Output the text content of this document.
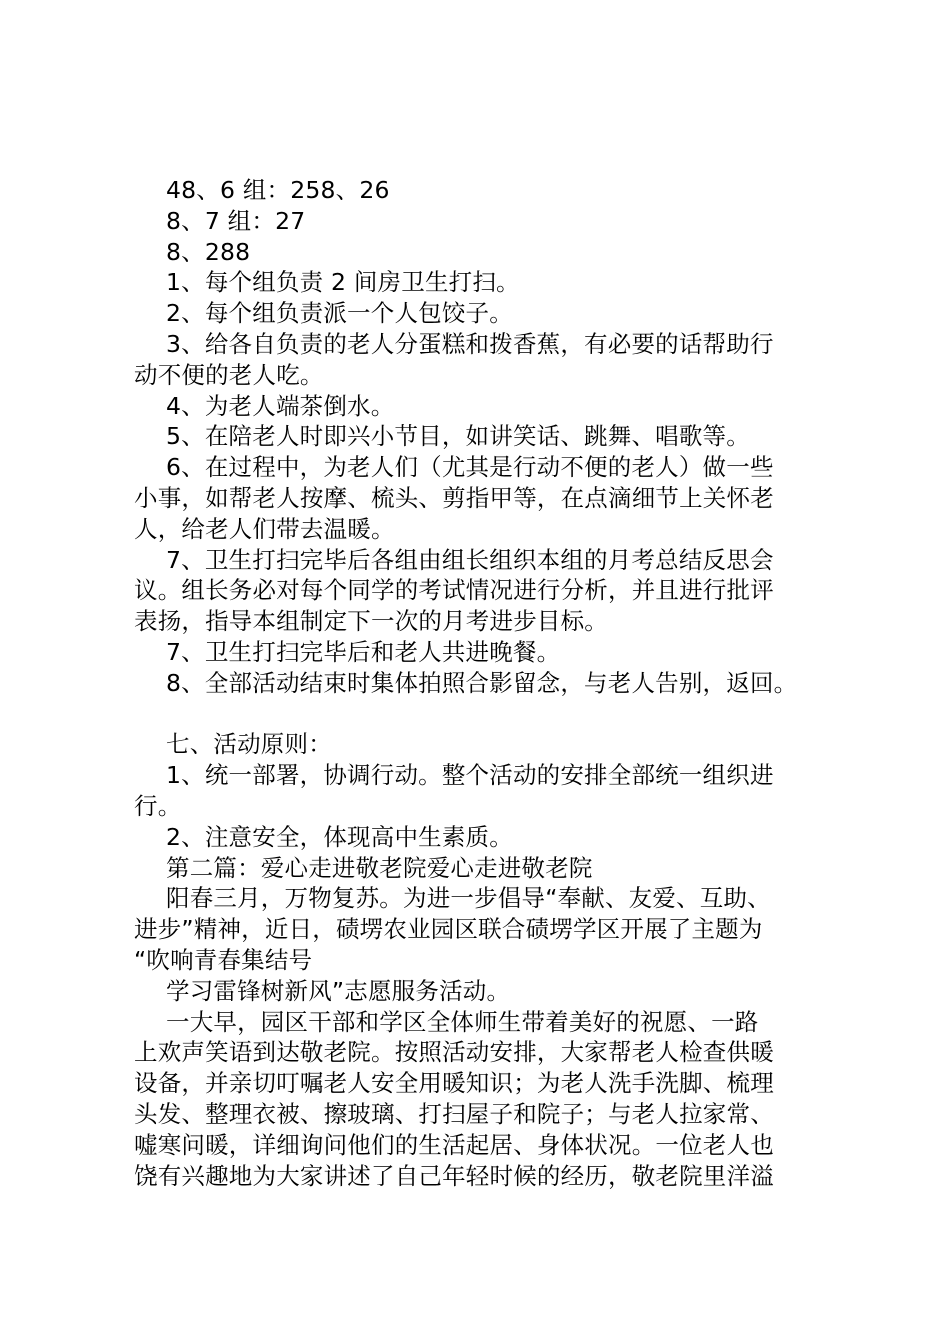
48、6 组：258、26
8、7 组：27
8、288
1、每个组负责 2 间房卫生打扫。
2、每个组负责派一个人包饺子。
3、给各自负责的老人分蛋糕和拨香蕉，有必要的话帮助行
动不便的老人吃。
4、为老人端茶倒水。
5、在陪老人时即兴小节目，如讲笑话、跳舞、唱歌等。
6、在过程中，为老人们（尤其是行动不便的老人）做一些
小事，如帮老人按摩、梳头、剪指甲等，在点滴细节上关怀老
人，给老人们带去温暖。
7、卫生打扫完毕后各组由组长组织本组的月考总结反思会
议。组长务必对每个同学的考试情况进行分析，并且进行批评
表扬，指导本组制定下一次的月考进步目标。
7、卫生打扫完毕后和老人共进晚餐。
8、全部活动结束时集体拍照合影留念，与老人告别，返回。
七、活动原则：
1、统一部署，协调行动。整个活动的安排全部统一组织进
行。
2、注意安全，体现高中生素质。
第二篇：爱心走进敬老院爱心走进敬老院
阳春三月，万物复苏。为进一步倡导“奉献、友爱、互助、
进步”精神，近日，碛塄农业园区联合碛塄学区开展了主题为
“吹响青春集结号
学习雷锋树新风”志愿服务活动。
一大早，园区干部和学区全体师生带着美好的祝愿、一路
上欢声笑语到达敬老院。按照活动安排，大家帮老人检查供暖
设备，并亲切叮嘱老人安全用暖知识；为老人洗手洗脚、梳理
头发、整理衣被、擦玻璃、打扫屋子和院子；与老人拉家常、
嘘寒问暖，详细询问他们的生活起居、身体状况。一位老人也
饶有兴趣地为大家讲述了自己年轻时候的经历，敬老院里洋溢
